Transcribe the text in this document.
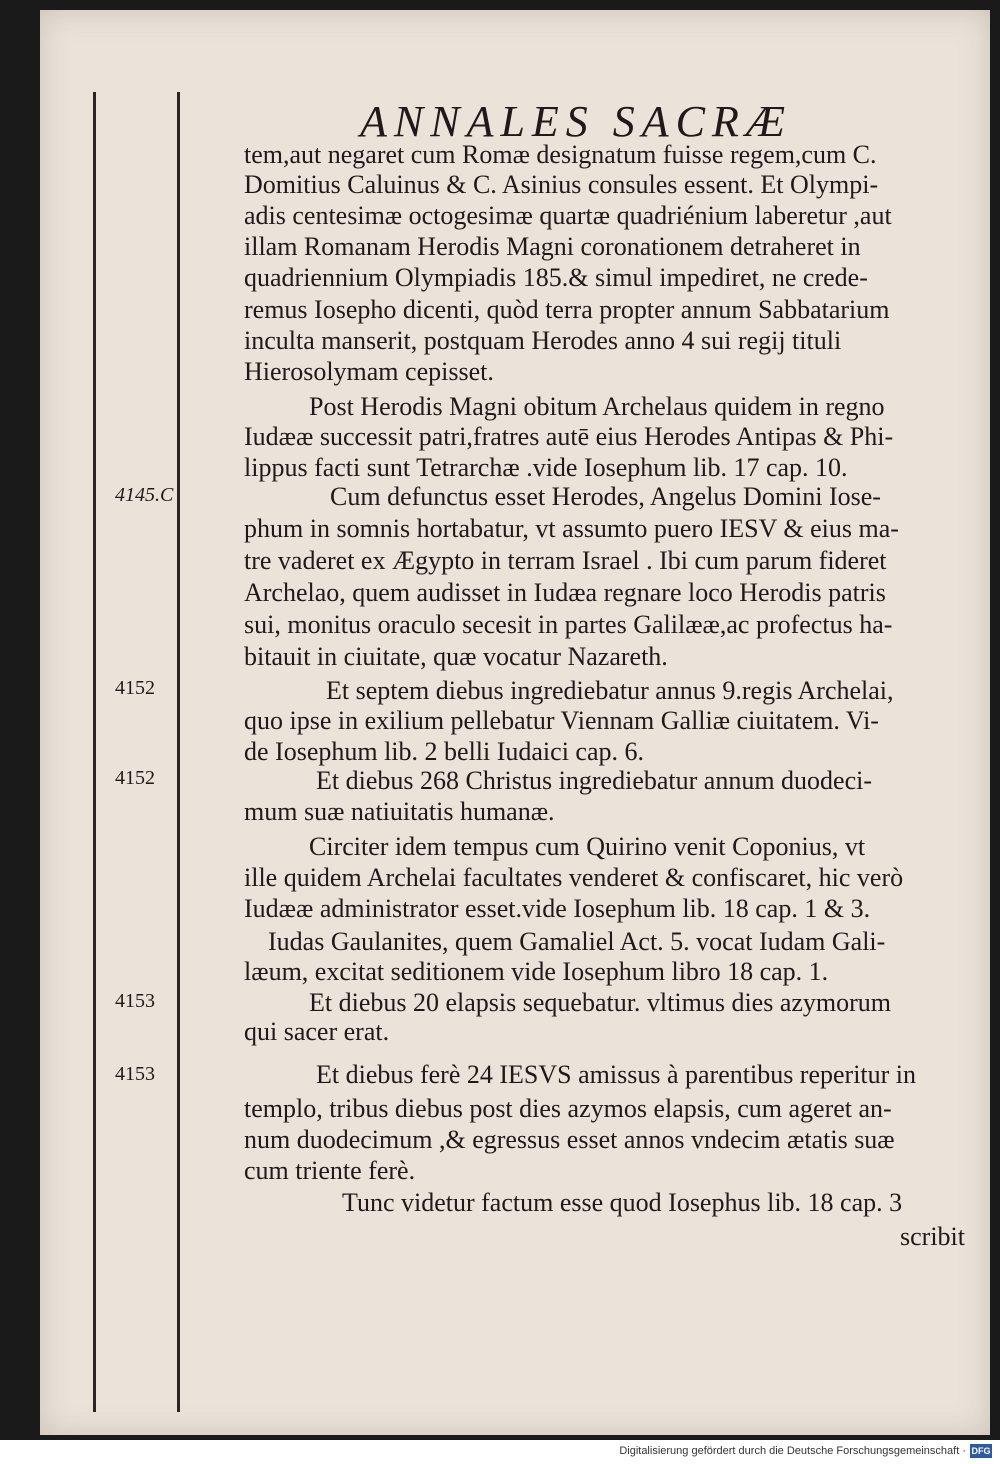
ANNALES SACRÆ
4145.C
4152
4152
4153
4153
tem,aut negaret cum Romæ designatum fuisse regem,cum C.
Domitius Caluinus & C. Asinius consules essent. Et Olympi-
adis centesimæ octogesimæ quartæ quadriénium laberetur ,aut
illam Romanam Herodis Magni coronationem detraheret in
quadriennium Olympiadis 185.& simul impediret, ne crede-
remus Iosepho dicenti, quòd terra propter annum Sabbatarium
inculta manserit, postquam Herodes anno 4 sui regij tituli
Hierosolymam cepisset.
Post Herodis Magni obitum Archelaus quidem in regno
Iudææ successit patri,fratres autē eius Herodes Antipas & Phi-
lippus facti sunt Tetrarchæ .vide Iosephum lib. 17 cap. 10.
Cum defunctus esset Herodes, Angelus Domini Iose-
phum in somnis hortabatur, vt assumto puero IESV & eius ma-
tre vaderet ex Ægypto in terram Israel . Ibi cum parum fideret
Archelao, quem audisset in Iudæa regnare loco Herodis patris
sui, monitus oraculo secesit in partes Galilææ,ac profectus ha-
bitauit in ciuitate, quæ vocatur Nazareth.
Et septem diebus ingrediebatur annus 9.regis Archelai,
quo ipse in exilium pellebatur Viennam Galliæ ciuitatem. Vi-
de Iosephum lib. 2 belli Iudaici cap. 6.
Et diebus 268 Christus ingrediebatur annum duodeci-
mum suæ natiuitatis humanæ.
Circiter idem tempus cum Quirino venit Coponius, vt
ille quidem Archelai facultates venderet & confiscaret, hic verò
Iudææ administrator esset.vide Iosephum lib. 18 cap. 1 & 3.
Iudas Gaulanites, quem Gamaliel Act. 5. vocat Iudam Gali-
læum, excitat seditionem vide Iosephum libro 18 cap. 1.
Et diebus 20 elapsis sequebatur. vltimus dies azymorum
qui sacer erat.
Et diebus ferè 24 IESVS amissus à parentibus reperitur in
templo, tribus diebus post dies azymos elapsis, cum ageret an-
num duodecimum ,& egressus esset annos vndecim ætatis suæ
cum triente ferè.
Tunc videtur factum esse quod Iosephus lib. 18 cap. 3
scribit
Digitalisierung gefördert durch die Deutsche Forschungsgemeinschaft · DFG
